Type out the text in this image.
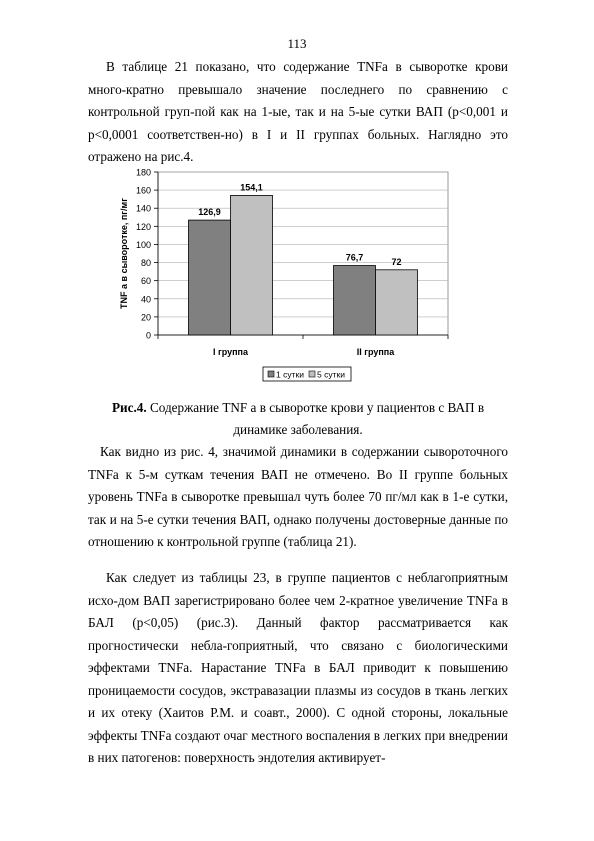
113

В таблице 21 показано, что содержание TNFa в сыворотке крови много-кратно превышало значение последнего по сравнению с контрольной груп-пой как на 1-ые, так и на 5-ые сутки ВАП (p<0,001 и p<0,0001 соответствен-но) в I и II группах больных. Наглядно это отражено на рис.4.

0
20
40
60
80
100
120
140
160
180
TNF a в сыворотке, пг/мг
I группа
126,9
154,1
II группа
76,7	72
1 сутки 5 сутки

Рис.4. Содержание TNF a в сыворотке крови у пациентов с ВАП в динамике заболевания.

Как видно из рис. 4, значимой динамики в содержании сывороточного TNFa к 5-м суткам течения ВАП не отмечено. Во II группе больных уровень TNFa в сыворотке превышал чуть более 70 пг/мл как в 1-е сутки, так и на 5-е сутки течения ВАП, однако получены достоверные данные по отношению к контрольной группе (таблица 21).

Как следует из таблицы 23, в группе пациентов с неблагоприятным исхо-дом ВАП зарегистрировано более чем 2-кратное увеличение TNFa в БАЛ (p<0,05) (рис.3). Данный фактор рассматривается как прогностически небла-гоприятный, что связано с биологическими эффектами TNFa. Нарастание TNFa в БАЛ приводит к повышению проницаемости сосудов, экстравазации плазмы из сосудов в ткань легких и их отеку (Хаитов Р.М. и соавт., 2000). С одной стороны, локальные эффекты TNFa создают очаг местного воспаления в легких при внедрении в них патогенов: поверхность эндотелия активирует-
